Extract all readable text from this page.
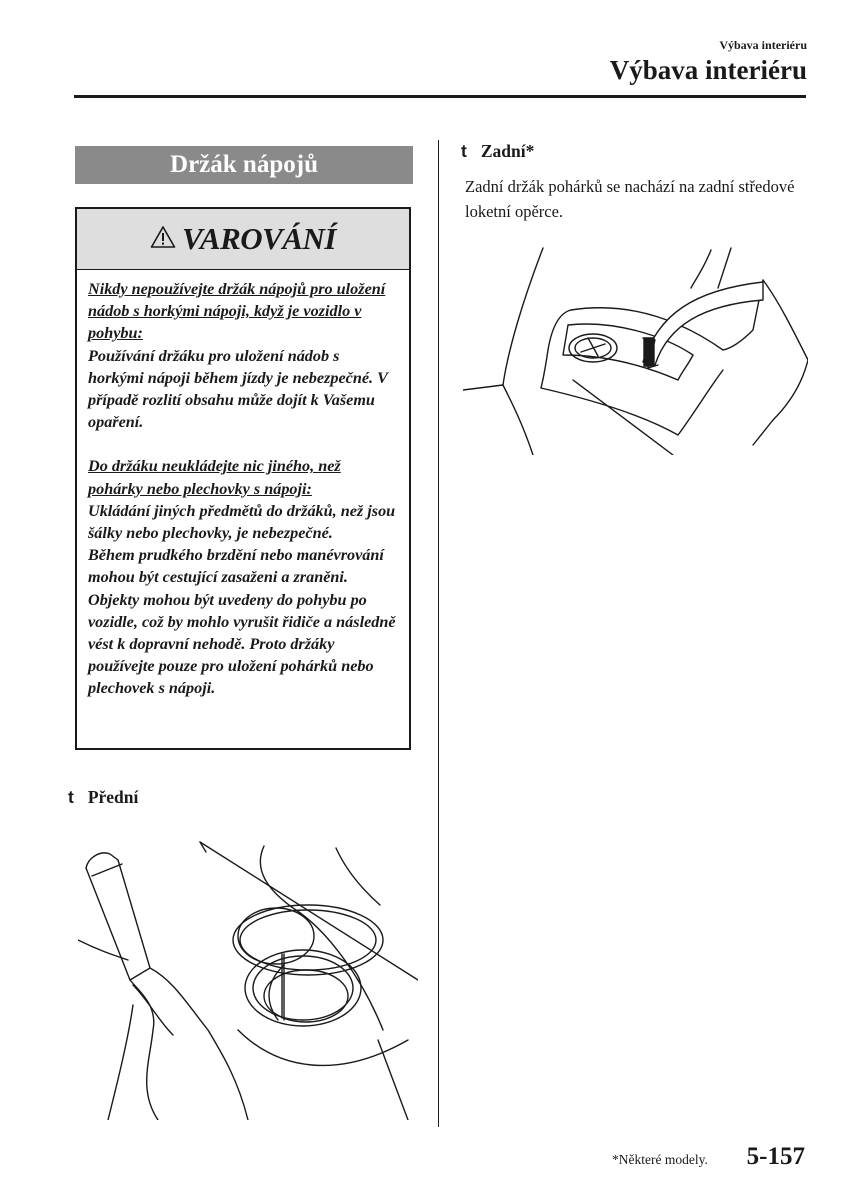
Výbava interiéru
Výbava interiéru
Držák nápojů
VAROVÁNÍ

Nikdy nepoužívejte držák nápojů pro uložení nádob s horkými nápoji, když je vozidlo v pohybu:

Používání držáku pro uložení nádob s horkými nápoji během jízdy je nebezpečné. V případě rozlití obsahu může dojít k Vašemu opaření.

Do držáku neukládejte nic jiného, než pohárky nebo plechovky s nápoji:

Ukládání jiných předmětů do držáků, než jsou šálky nebo plechovky, je nebezpečné.

Během prudkého brzdění nebo manévrování mohou být cestující zasaženi a zraněni. Objekty mohou být uvedeny do pohybu po vozidle, což by mohlo vyrušit řidiče a následně vést k dopravní nehodě. Proto držáky používejte pouze pro uložení pohárků nebo plechovek s nápoji.

t Přední
t Zadní*
Zadní držák pohárků se nachází na zadní středové loketní opěrce.
*Některé modely. 5-157
